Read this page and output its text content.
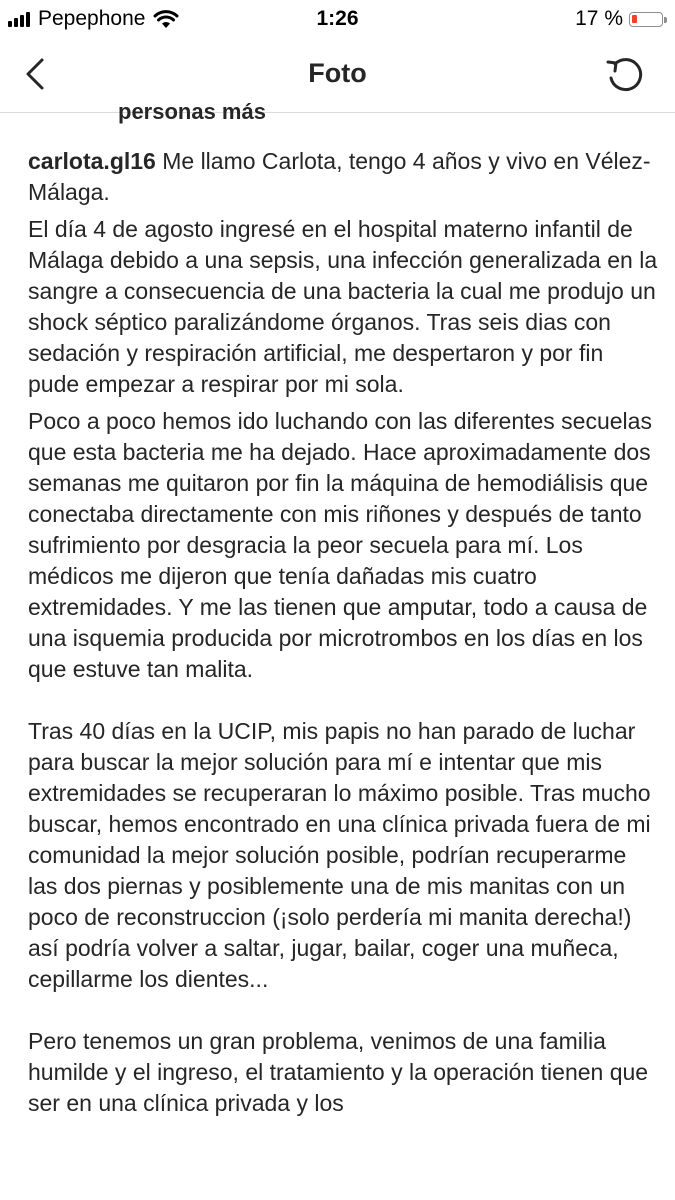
Pepephone	1:26	17 %
Foto
personas más

carlota.gl16 Me llamo Carlota, tengo 4 años y vivo en Vélez-Málaga.

El día 4 de agosto ingresé en el hospital materno infantil de Málaga debido a una sepsis, una infección generalizada en la sangre a consecuencia de una bacteria la cual me produjo un shock séptico paralizándome órganos. Tras seis dias con sedación y respiración artificial, me despertaron y por fin pude empezar a respirar por mi sola.

Poco a poco hemos ido luchando con las diferentes secuelas que esta bacteria me ha dejado. Hace aproximadamente dos semanas me quitaron por fin la máquina de hemodiálisis que conectaba directamente con mis riñones y después de tanto sufrimiento por desgracia la peor secuela para mí. Los médicos me dijeron que tenía dañadas mis cuatro extremidades. Y me las tienen que amputar, todo a causa de una isquemia producida por microtrombos en los días en los que estuve tan malita.

Tras 40 días en la UCIP, mis papis no han parado de luchar para buscar la mejor solución para mí e intentar que mis extremidades se recuperaran lo máximo posible. Tras mucho buscar, hemos encontrado en una clínica privada fuera de mi comunidad la mejor solución posible, podrían recuperarme las dos piernas y posiblemente una de mis manitas con un poco de reconstruccion (¡solo perdería mi manita derecha!) así podría volver a saltar, jugar, bailar, coger una muñeca, cepillarme los dientes...

Pero tenemos un gran problema, venimos de una familia humilde y el ingreso, el tratamiento y la operación tienen que ser en una clínica privada y los
